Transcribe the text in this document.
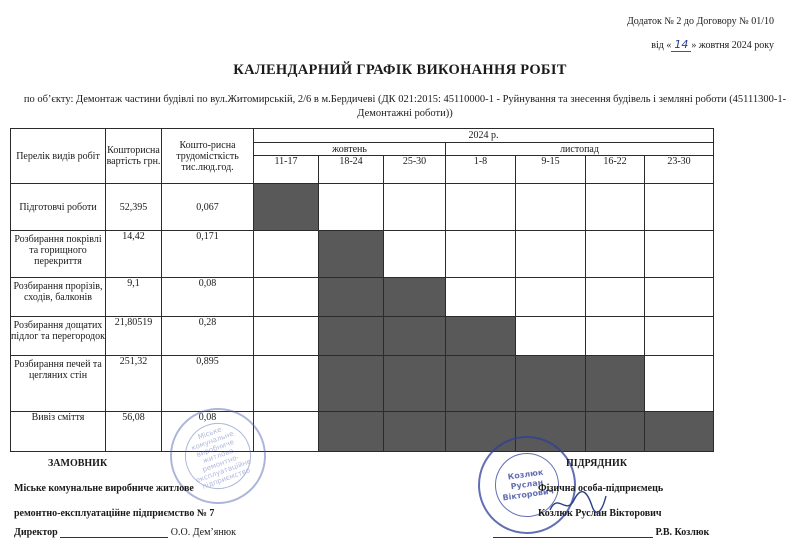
Додаток № 2 до Договору № 01/10
від « 14 » жовтня 2024 року
КАЛЕНДАРНИЙ ГРАФІК ВИКОНАННЯ РОБІТ
по об’єкту: Демонтаж частини будівлі по вул.Житомирській, 2/6 в м.Бердичеві (ДК 021:2015: 45110000-1 - Руйнування та знесення будівель і земляні роботи (45111300-1- Демонтажні роботи))
Перелік видів робіт	Кошторисна вартість грн.	Кошто-рисна трудомісткість тис.люд.год.	2024 р.						
			жовтень			листопад			
			11-17	18-24	25-30	1-8	9-15	16-22	23-30
Підготовчі роботи	52,395	0,067							
Розбирання покрівлі та горищного перекриття	14,42	0,171							
Розбирання прорізів, сходів, балконів	9,1	0,08							
Розбирання дощатих підлог та перегородок	21,80519	0,28							
Розбирання печей та цегляних стін	251,32	0,895							
Вивіз сміття	56,08	0,08							
Міське комунальне виробниче житлове ремонтно-експлуатаційне підприємство	Козлюк Руслан Вікторович
ЗАМОВНИК
Міське комунальне виробниче житлове
ремонтно-експлуатаційне підприємство № 7
Директор	О.О. Дем’янюк
ПІДРЯДНИК
Фізична особа-підприємець
Козлюк Руслан Вікторович
Р.В. Козлюк
